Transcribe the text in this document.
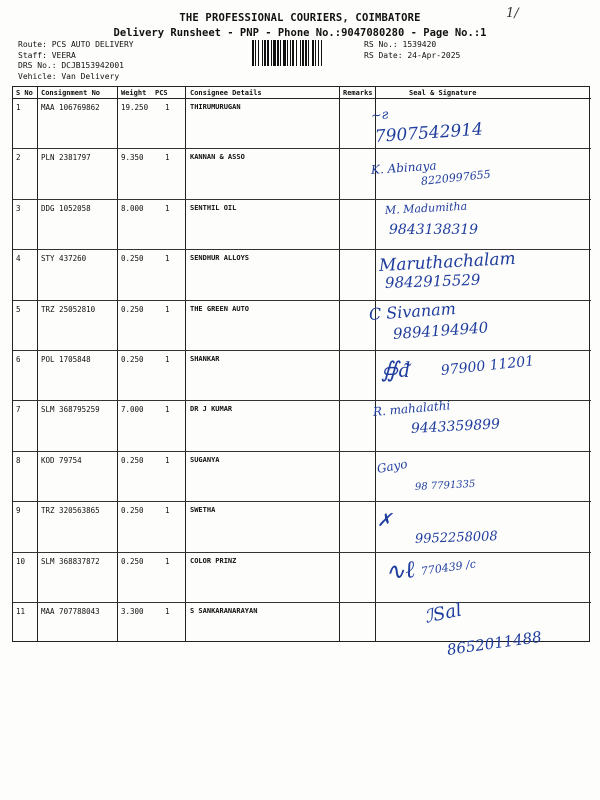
THE PROFESSIONAL COURIERS, COIMBATORE
Delivery Runsheet - PNP - Phone No.:9047080280 - Page No.:1
1/
Route: PCS AUTO DELIVERY
Staff: VEERA
DRS No.: DCJB153942001
Vehicle: Van Delivery
RS No.: 1539420
RS Date: 24-Apr-2025
S No Consignment No	Weight PCS	Consignee Details	Remarks	Seal & Signature
1	MAA 106769862	19.250 1	THIRUMURUGAN
~ƨ
7907542914
2	PLN 2381797	9.350	1	KANNAN & ASSO
K. Abinaya
8220997655
3	DDG 1052058	8.000	1	SENTHIL OIL	M. Madumitha
9843138319
4	STY 437260	0.250	1	SENDHUR ALLOYS	Maruthachalam
9842915529
5	TRZ 25052810	0.250	1	THE GREEN AUTO	C Sivanam
9894194940
6	POL 1705848	0.250	1	SHANKAR	∯ᵭ 97900 11201
7	SLM 368795259	7.000	1	DR J KUMAR	R. mahalathi
9443359899
8	KOD 79754	0.250	1	SUGANYA	Gayo
98 7791335
9	TRZ 320563865	0.250	1	SWETHA	✗
9952258008
10 SLM 368837872	0.250	1	COLOR PRINZ	∿ℓ 770439 /c
11 MAA 707788043	3.300	1	S SANKARANARAYAN	ℐSal
8652011488
